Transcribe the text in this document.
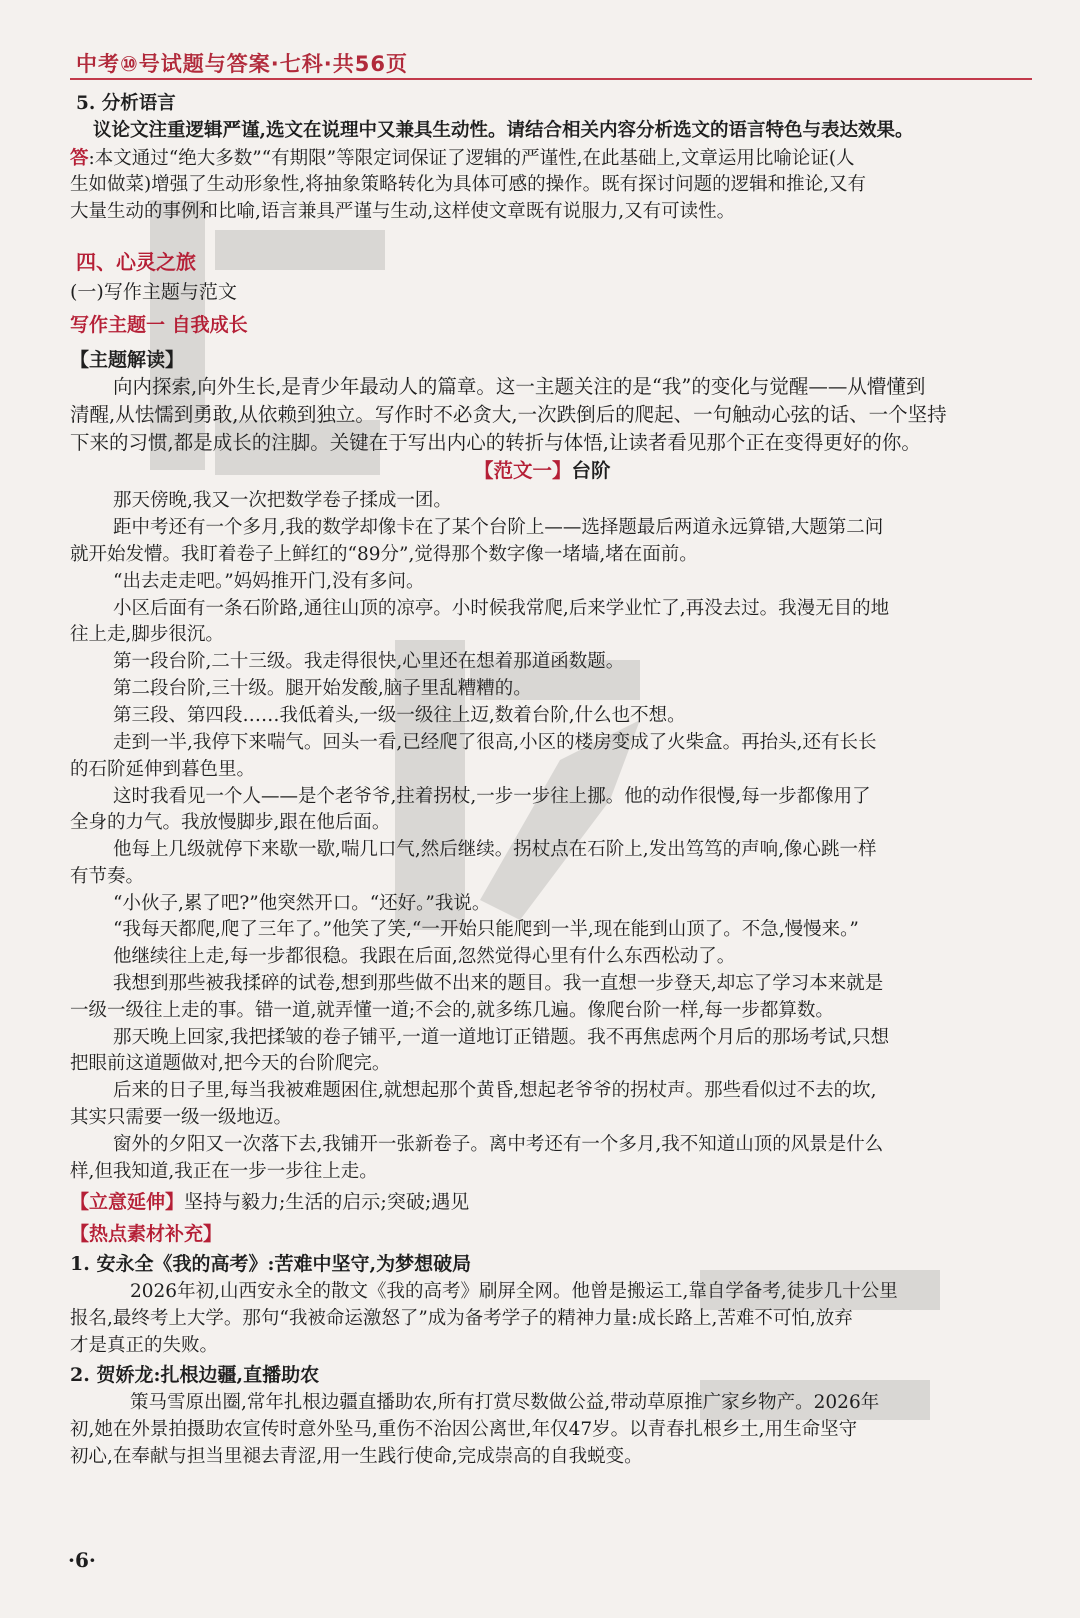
中考⑩号试题与答案·七科·共56页
5. 分析语言
议论文注重逻辑严谨,选文在说理中又兼具生动性。请结合相关内容分析选文的语言特色与表达效果。
答:本文通过“绝大多数”“有期限”等限定词保证了逻辑的严谨性,在此基础上,文章运用比喻论证(人
生如做菜)增强了生动形象性,将抽象策略转化为具体可感的操作。既有探讨问题的逻辑和推论,又有
大量生动的事例和比喻,语言兼具严谨与生动,这样使文章既有说服力,又有可读性。
四、心灵之旅
(一)写作主题与范文
写作主题一 自我成长
【主题解读】
向内探索,向外生长,是青少年最动人的篇章。这一主题关注的是“我”的变化与觉醒——从懵懂到
清醒,从怯懦到勇敢,从依赖到独立。写作时不必贪大,一次跌倒后的爬起、一句触动心弦的话、一个坚持
下来的习惯,都是成长的注脚。关键在于写出内心的转折与体悟,让读者看见那个正在变得更好的你。
【范文一】台阶
那天傍晚,我又一次把数学卷子揉成一团。
距中考还有一个多月,我的数学却像卡在了某个台阶上——选择题最后两道永远算错,大题第二问
就开始发懵。我盯着卷子上鲜红的“89分”,觉得那个数字像一堵墙,堵在面前。
“出去走走吧。”妈妈推开门,没有多问。
小区后面有一条石阶路,通往山顶的凉亭。小时候我常爬,后来学业忙了,再没去过。我漫无目的地
往上走,脚步很沉。
第一段台阶,二十三级。我走得很快,心里还在想着那道函数题。
第二段台阶,三十级。腿开始发酸,脑子里乱糟糟的。
第三段、第四段……我低着头,一级一级往上迈,数着台阶,什么也不想。
走到一半,我停下来喘气。回头一看,已经爬了很高,小区的楼房变成了火柴盒。再抬头,还有长长
的石阶延伸到暮色里。
这时我看见一个人——是个老爷爷,拄着拐杖,一步一步往上挪。他的动作很慢,每一步都像用了
全身的力气。我放慢脚步,跟在他后面。
他每上几级就停下来歇一歇,喘几口气,然后继续。拐杖点在石阶上,发出笃笃的声响,像心跳一样
有节奏。
“小伙子,累了吧?”他突然开口。“还好。”我说。
“我每天都爬,爬了三年了。”他笑了笑,“一开始只能爬到一半,现在能到山顶了。不急,慢慢来。”
他继续往上走,每一步都很稳。我跟在后面,忽然觉得心里有什么东西松动了。
我想到那些被我揉碎的试卷,想到那些做不出来的题目。我一直想一步登天,却忘了学习本来就是
一级一级往上走的事。错一道,就弄懂一道;不会的,就多练几遍。像爬台阶一样,每一步都算数。
那天晚上回家,我把揉皱的卷子铺平,一道一道地订正错题。我不再焦虑两个月后的那场考试,只想
把眼前这道题做对,把今天的台阶爬完。
后来的日子里,每当我被难题困住,就想起那个黄昏,想起老爷爷的拐杖声。那些看似过不去的坎,
其实只需要一级一级地迈。
窗外的夕阳又一次落下去,我铺开一张新卷子。离中考还有一个多月,我不知道山顶的风景是什么
样,但我知道,我正在一步一步往上走。
【立意延伸】坚持与毅力;生活的启示;突破;遇见
【热点素材补充】
1. 安永全《我的高考》:苦难中坚守,为梦想破局
2026年初,山西安永全的散文《我的高考》刷屏全网。他曾是搬运工,靠自学备考,徒步几十公里
报名,最终考上大学。那句“我被命运激怒了”成为备考学子的精神力量:成长路上,苦难不可怕,放弃
才是真正的失败。
2. 贺娇龙:扎根边疆,直播助农
策马雪原出圈,常年扎根边疆直播助农,所有打赏尽数做公益,带动草原推广家乡物产。2026年
初,她在外景拍摄助农宣传时意外坠马,重伤不治因公离世,年仅47岁。以青春扎根乡土,用生命坚守
初心,在奉献与担当里褪去青涩,用一生践行使命,完成崇高的自我蜕变。
·6·
